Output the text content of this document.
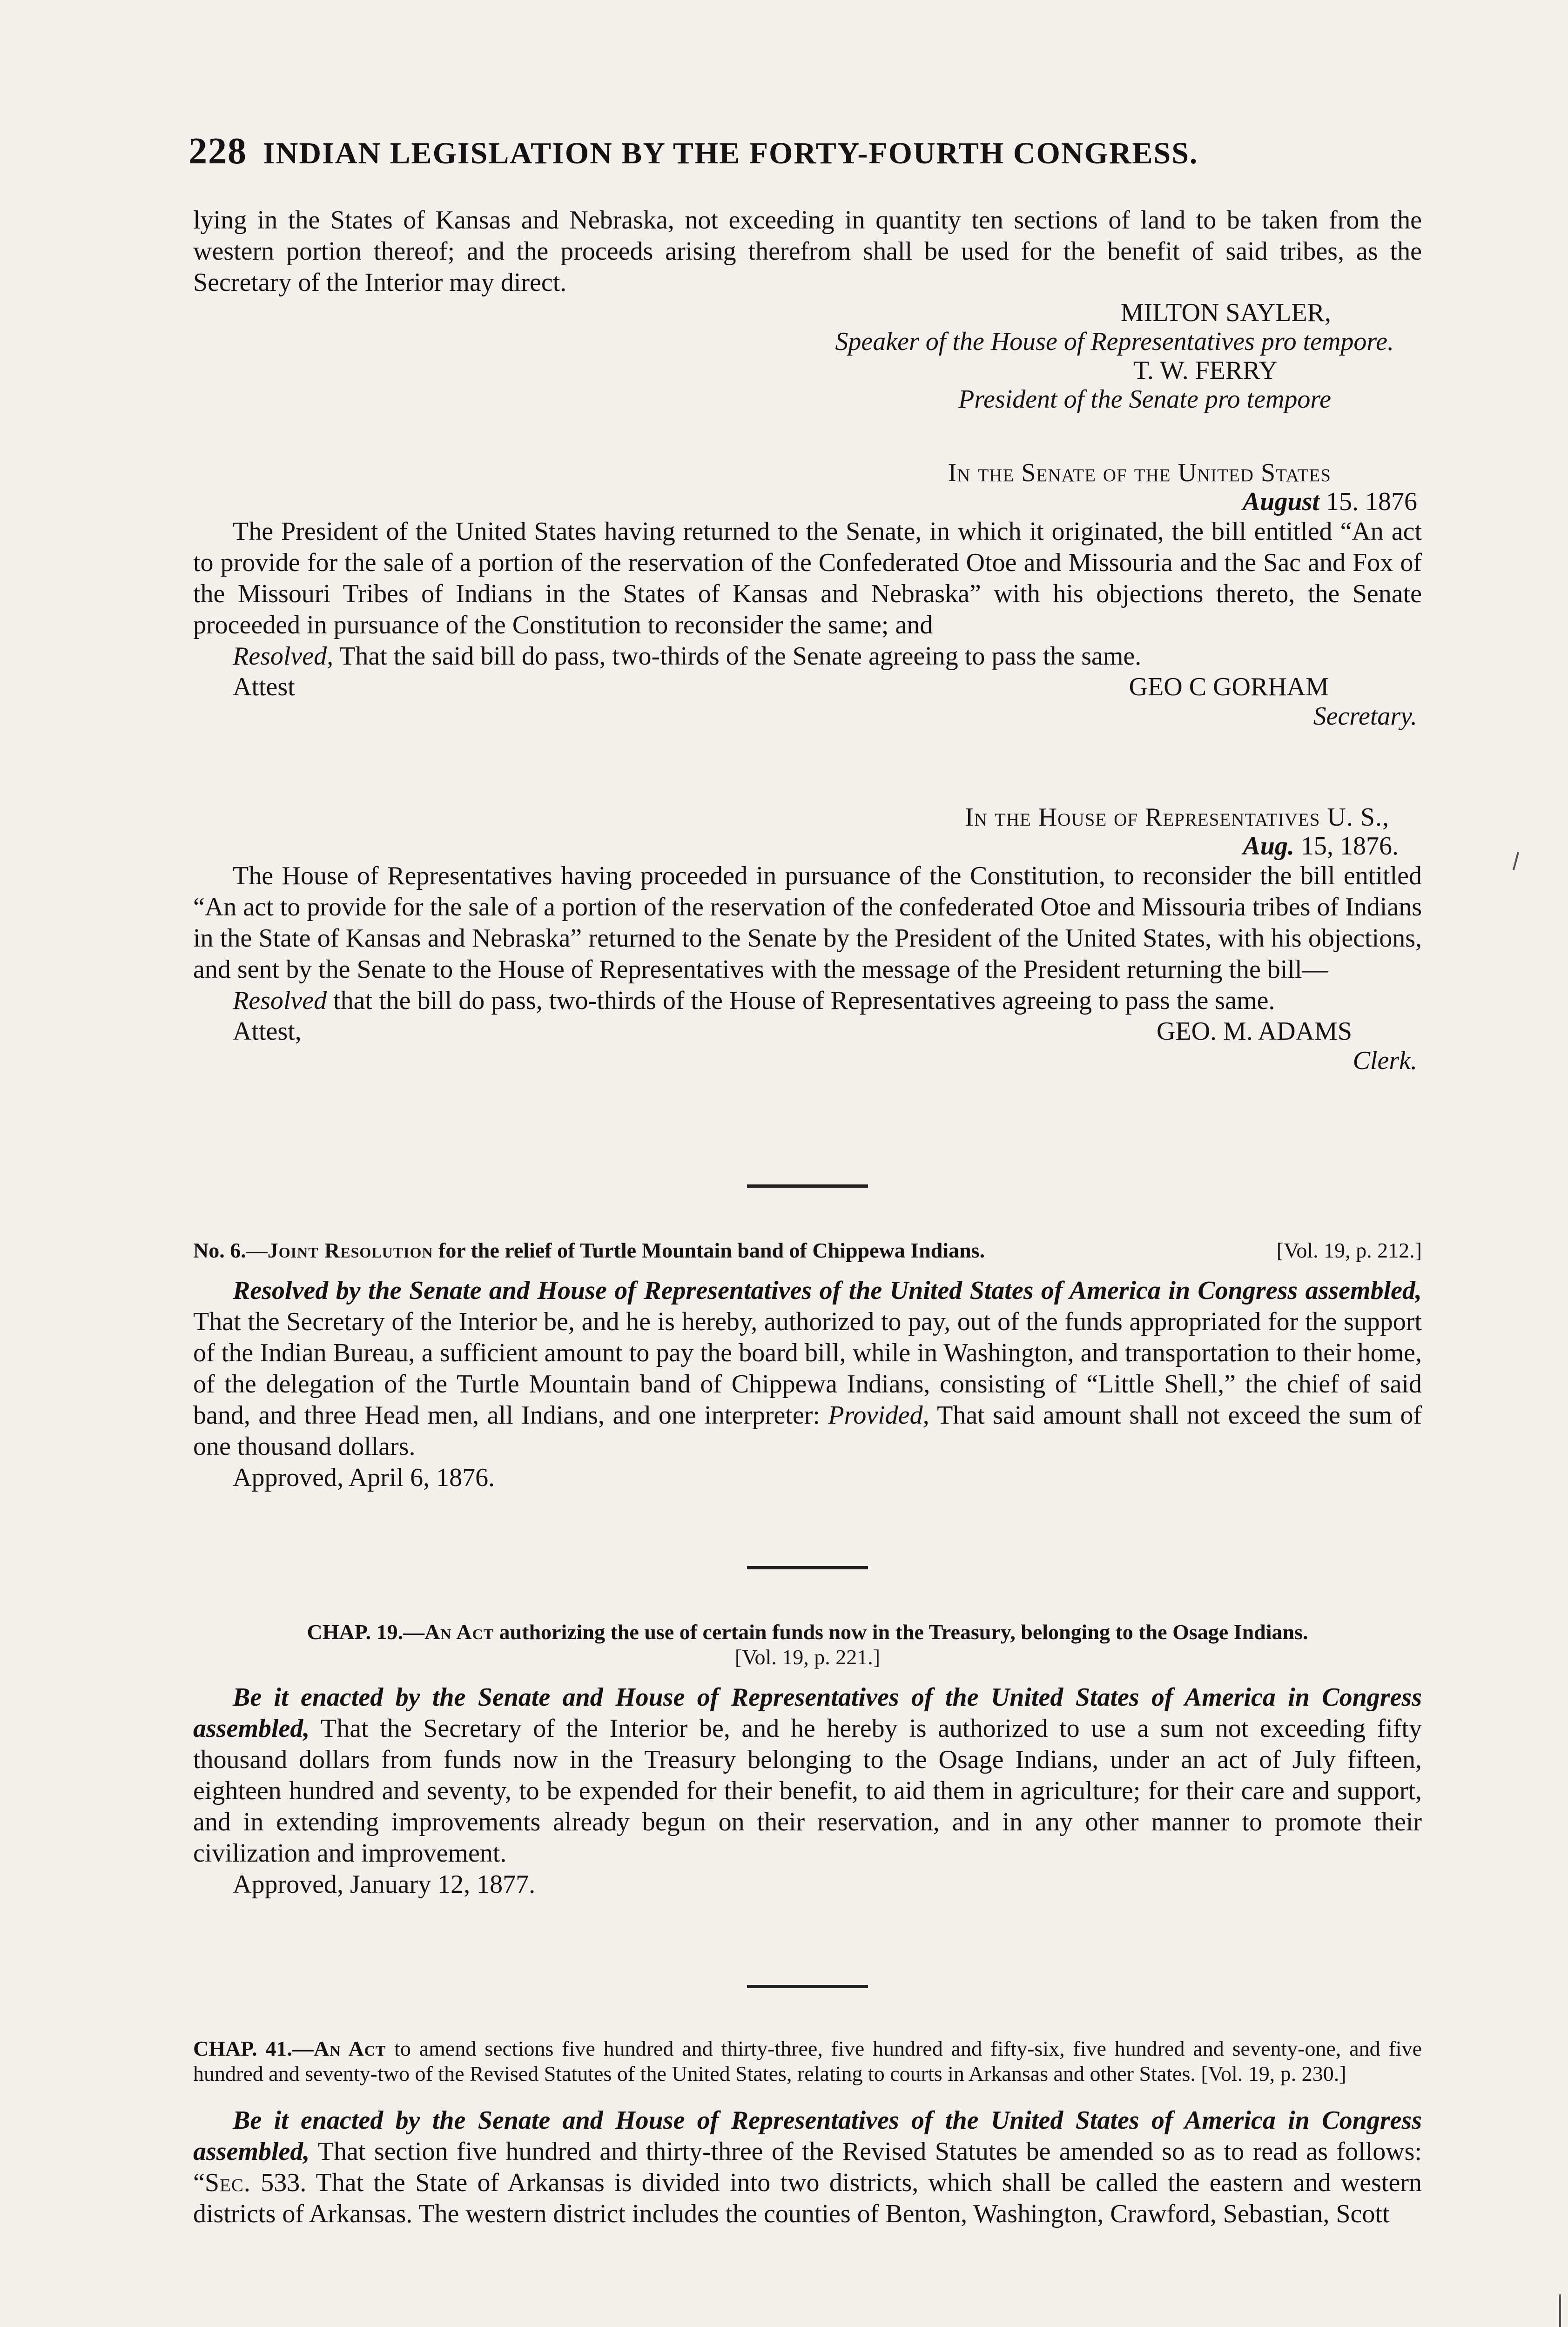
228 INDIAN LEGISLATION BY THE FORTY-FOURTH CONGRESS.

lying in the States of Kansas and Nebraska, not exceeding in quantity ten sections of land to be taken from the western portion thereof; and the proceeds arising therefrom shall be used for the benefit of said tribes, as the Secretary of the Interior may direct.

MILTON SAYLER,

Speaker of the House of Representatives pro tempore.

T. W. FERRY

President of the Senate pro tempore

In the Senate of the United States

August 15. 1876

The President of the United States having returned to the Senate, in which it originated, the bill entitled “An act to provide for the sale of a portion of the reservation of the Confederated Otoe and Missouria and the Sac and Fox of the Missouri Tribes of Indians in the States of Kansas and Nebraska” with his objections thereto, the Senate proceeded in pursuance of the Constitution to reconsider the same; and

Resolved, That the said bill do pass, two-thirds of the Senate agreeing to pass the same.

Attest	GEO C GORHAM

Secretary.

In the House of Representatives U. S.,

Aug. 15, 1876.

The House of Representatives having proceeded in pursuance of the Constitution, to reconsider the bill entitled “An act to provide for the sale of a portion of the reservation of the confederated Otoe and Missouria tribes of Indians in the State of Kansas and Nebraska” returned to the Senate by the President of the United States, with his objections, and sent by the Senate to the House of Representatives with the message of the President returning the bill—

Resolved that the bill do pass, two-thirds of the House of Representatives agreeing to pass the same.

Attest,	GEO. M. ADAMS

Clerk.

No. 6.—Joint Resolution for the relief of Turtle Mountain band of Chippewa Indians.	[Vol. 19, p. 212.]

Resolved by the Senate and House of Representatives of the United States of America in Congress assembled, That the Secretary of the Interior be, and he is hereby, authorized to pay, out of the funds appropriated for the support of the Indian Bureau, a sufficient amount to pay the board bill, while in Washington, and transportation to their home, of the delegation of the Turtle Mountain band of Chippewa Indians, consisting of “Little Shell,” the chief of said band, and three Head men, all Indians, and one interpreter: Provided, That said amount shall not exceed the sum of one thousand dollars.

Approved, April 6, 1876.

CHAP. 19.—An Act authorizing the use of certain funds now in the Treasury, belonging to the Osage Indians.
[Vol. 19, p. 221.]

Be it enacted by the Senate and House of Representatives of the United States of America in Congress assembled, That the Secretary of the Interior be, and he hereby is authorized to use a sum not exceeding fifty thousand dollars from funds now in the Treasury belonging to the Osage Indians, under an act of July fifteen, eighteen hundred and seventy, to be expended for their benefit, to aid them in agriculture; for their care and support, and in extending improvements already begun on their reservation, and in any other manner to promote their civilization and improvement.

Approved, January 12, 1877.

CHAP. 41.—An Act to amend sections five hundred and thirty-three, five hundred and fifty-six, five hundred and seventy-one, and five hundred and seventy-two of the Revised Statutes of the United States, relating to courts in Arkansas and other States. [Vol. 19, p. 230.]

Be it enacted by the Senate and House of Representatives of the United States of America in Congress assembled, That section five hundred and thirty-three of the Revised Statutes be amended so as to read as follows: “Sec. 533. That the State of Arkansas is divided into two districts, which shall be called the eastern and western districts of Arkansas. The western district includes the counties of Benton, Washington, Crawford, Sebastian, Scott
